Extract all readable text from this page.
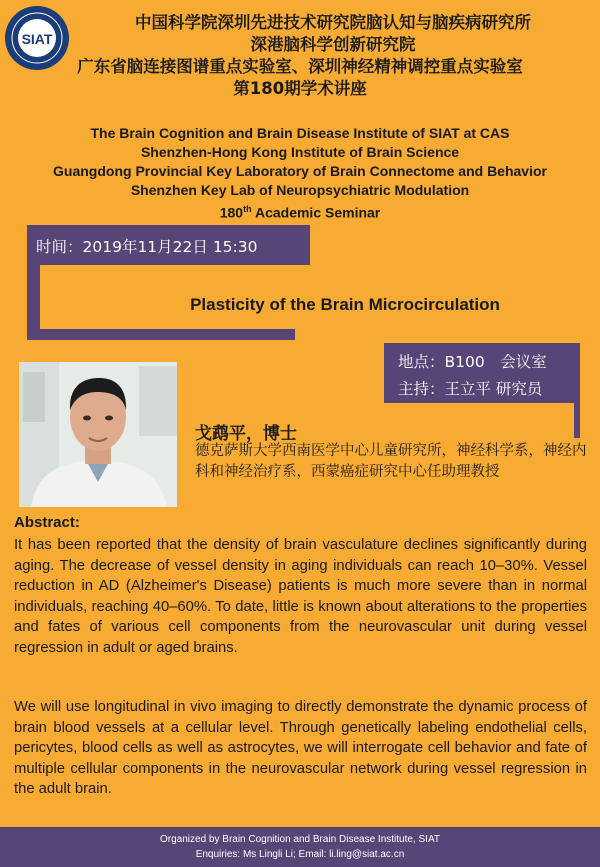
SIAT
中国科学院深圳先进技术研究院脑认知与脑疾病研究所
深港脑科学创新研究院
广东省脑连接图谱重点实验室、深圳神经精神调控重点实验室
第180期学术讲座
The Brain Cognition and Brain Disease Institute of SIAT at CAS
Shenzhen-Hong Kong Institute of Brain Science
Guangdong Provincial Key Laboratory of Brain Connectome and Behavior
Shenzhen Key Lab of Neuropsychiatric Modulation
180th Academic Seminar
时间：2019年11月22日 15:30
Plasticity of the Brain Microcirculation
地点：B100　会议室
主持：王立平 研究员
戈鹉平，博士
德克萨斯大学西南医学中心儿童研究所，神经科学系，神经内科和神经治疗系，西蒙癌症研究中心任助理教授
Abstract:
It has been reported that the density of brain vasculature declines significantly during aging. The decrease of vessel density in aging individuals can reach 10–30%. Vessel reduction in AD (Alzheimer's Disease) patients is much more severe than in normal individuals, reaching 40–60%. To date, little is known about alterations to the properties and fates of various cell components from the neurovascular unit during vessel regression in adult or aged brains.
We will use longitudinal in vivo imaging to directly demonstrate the dynamic process of brain blood vessels at a cellular level. Through genetically labeling endothelial cells, pericytes, blood cells as well as astrocytes, we will interrogate cell behavior and fate of multiple cellular components in the neurovascular network during vessel regression in the adult brain.
Organized by Brain Cognition and Brain Disease Institute, SIAT
Enquiries: Ms Lingli Li; Email: li.ling@siat.ac.cn
